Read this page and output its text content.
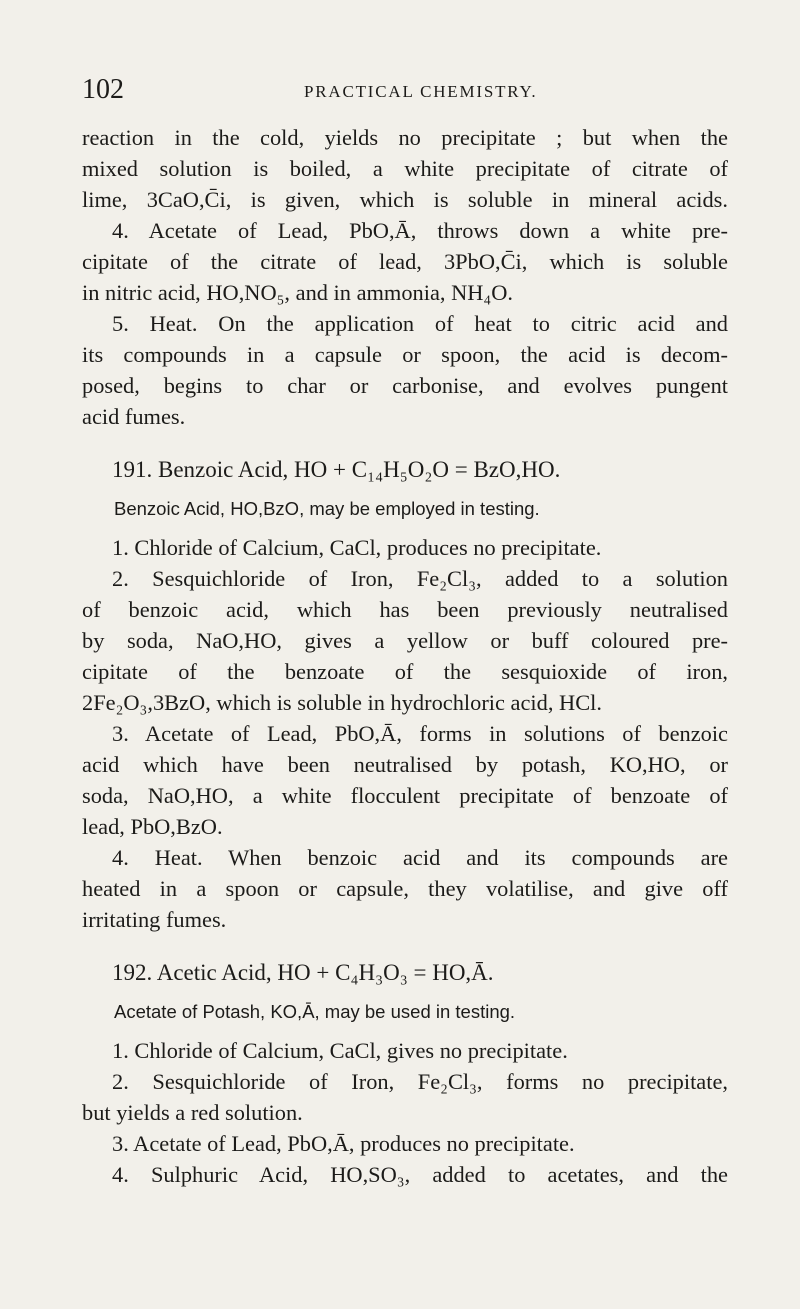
102	PRACTICAL CHEMISTRY.
reaction in the cold, yields no precipitate ; but when the
mixed solution is boiled, a white precipitate of citrate of
lime, 3CaO,C̄i, is given, which is soluble in mineral acids.
4. Acetate of Lead, PbO,Ā, throws down a white pre-
cipitate of the citrate of lead, 3PbO,C̄i, which is soluble
in nitric acid, HO,NO₅, and in ammonia, NH₄O.
5. Heat. On the application of heat to citric acid and
its compounds in a capsule or spoon, the acid is decom-
posed, begins to char or carbonise, and evolves pungent
acid fumes.
191. Benzoic Acid, HO + C₁₄H₅O₂O = BzO,HO.
Benzoic Acid, HO,BzO, may be employed in testing.
1. Chloride of Calcium, CaCl, produces no precipitate.
2. Sesquichloride of Iron, Fe₂Cl₃, added to a solution
of benzoic acid, which has been previously neutralised
by soda, NaO,HO, gives a yellow or buff coloured pre-
cipitate of the benzoate of the sesquioxide of iron,
2Fe₂O₃,3BzO, which is soluble in hydrochloric acid, HCl.
3. Acetate of Lead, PbO,Ā, forms in solutions of benzoic
acid which have been neutralised by potash, KO,HO, or
soda, NaO,HO, a white flocculent precipitate of benzoate of
lead, PbO,BzO.
4. Heat. When benzoic acid and its compounds are
heated in a spoon or capsule, they volatilise, and give off
irritating fumes.
192. Acetic Acid, HO + C₄H₃O₃ = HO,Ā.
Acetate of Potash, KO,Ā, may be used in testing.
1. Chloride of Calcium, CaCl, gives no precipitate.
2. Sesquichloride of Iron, Fe₂Cl₃, forms no precipitate,
but yields a red solution.
3. Acetate of Lead, PbO,Ā, produces no precipitate.
4. Sulphuric Acid, HO,SO₃, added to acetates, and the
